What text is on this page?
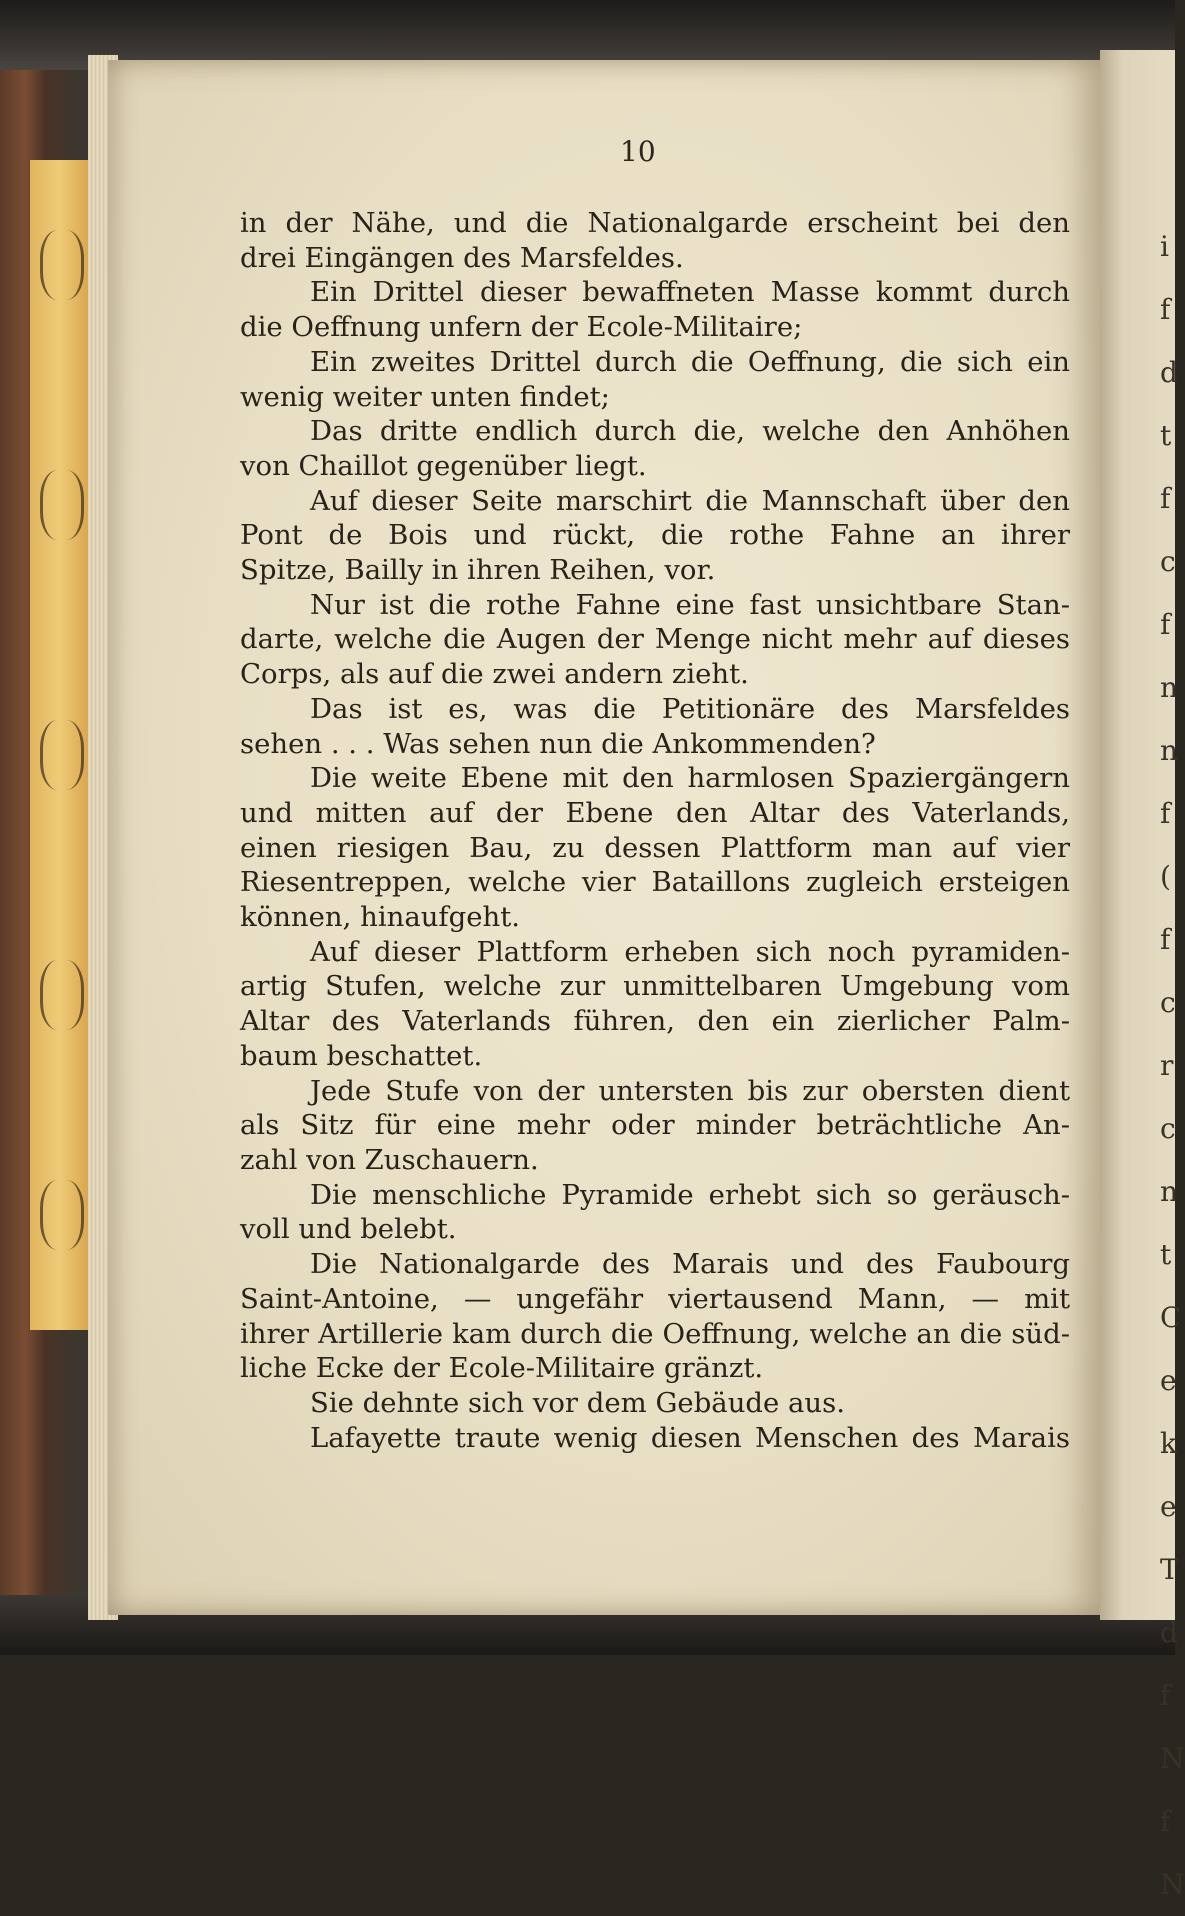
i
f
d
t
f
c
f
n
n
f
(
f
c
r
c
n
t
C
e
k
e
T
d
f
N
f
N
10
in der Nähe, und die Nationalgarde erscheint bei den
drei Eingängen des Marsfeldes.
Ein Drittel dieser bewaffneten Masse kommt durch
die Oeffnung unfern der Ecole-Militaire;
Ein zweites Drittel durch die Oeffnung, die sich ein
wenig weiter unten findet;
Das dritte endlich durch die, welche den Anhöhen
von Chaillot gegenüber liegt.
Auf dieser Seite marschirt die Mannschaft über den
Pont de Bois und rückt, die rothe Fahne an ihrer
Spitze, Bailly in ihren Reihen, vor.
Nur ist die rothe Fahne eine fast unsichtbare Stan-
darte, welche die Augen der Menge nicht mehr auf dieses
Corps, als auf die zwei andern zieht.
Das ist es, was die Petitionäre des Marsfeldes
sehen . . . Was sehen nun die Ankommenden?
Die weite Ebene mit den harmlosen Spaziergängern
und mitten auf der Ebene den Altar des Vaterlands,
einen riesigen Bau, zu dessen Plattform man auf vier
Riesentreppen, welche vier Bataillons zugleich ersteigen
können, hinaufgeht.
Auf dieser Plattform erheben sich noch pyramiden-
artig Stufen, welche zur unmittelbaren Umgebung vom
Altar des Vaterlands führen, den ein zierlicher Palm-
baum beschattet.
Jede Stufe von der untersten bis zur obersten dient
als Sitz für eine mehr oder minder beträchtliche An-
zahl von Zuschauern.
Die menschliche Pyramide erhebt sich so geräusch-
voll und belebt.
Die Nationalgarde des Marais und des Faubourg
Saint-Antoine, — ungefähr viertausend Mann, — mit
ihrer Artillerie kam durch die Oeffnung, welche an die süd-
liche Ecke der Ecole-Militaire gränzt.
Sie dehnte sich vor dem Gebäude aus.
Lafayette traute wenig diesen Menschen des Marais
